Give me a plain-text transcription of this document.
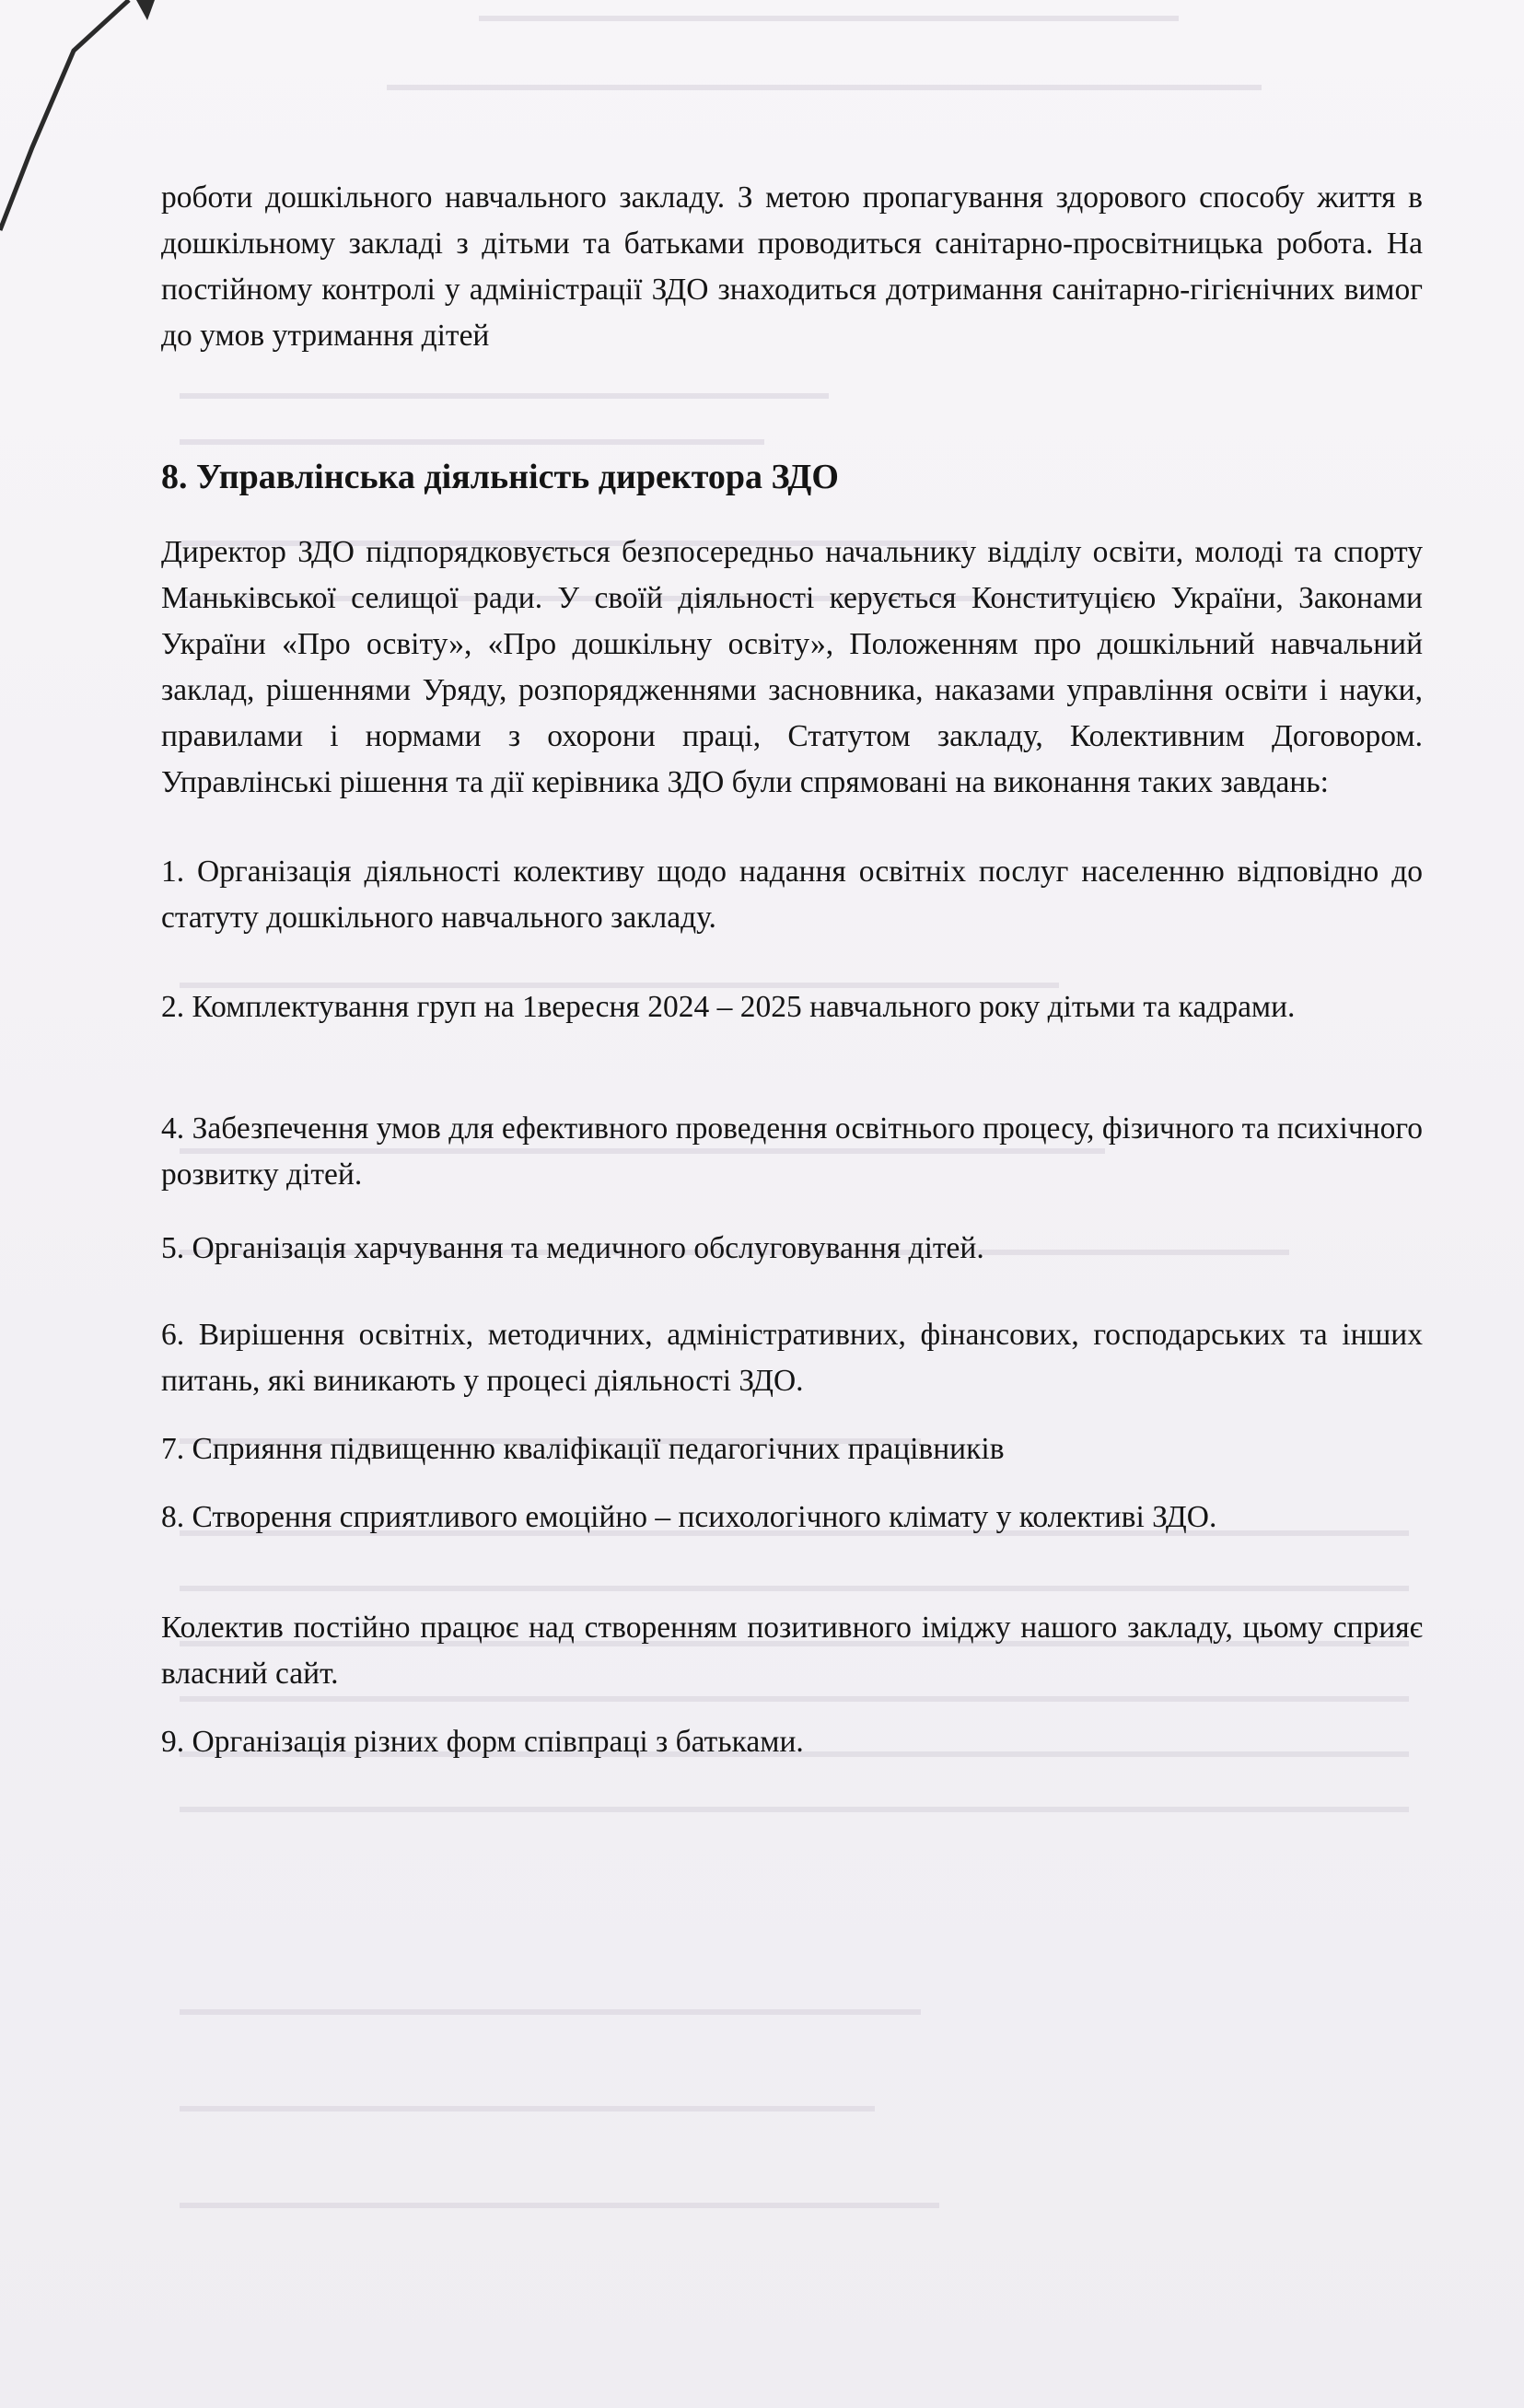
роботи дошкільного навчального закладу. З метою пропагування здорового способу життя в дошкільному закладі з дітьми та батьками проводиться санітарно-просвітницька робота. На постійному контролі у адміністрації ЗДО знаходиться дотримання санітарно-гігієнічних вимог до умов утримання дітей

8. Управлінська діяльність директора ЗДО

Директор ЗДО підпорядковується безпосередньо начальнику відділу освіти, молоді та спорту Маньківської селищої ради. У своїй діяльності керується Конституцією України, Законами України «Про освіту», «Про дошкільну освіту», Положенням про дошкільний навчальний заклад, рішеннями Уряду, розпорядженнями засновника, наказами управління освіти і науки, правилами і нормами з охорони праці, Статутом закладу, Колективним Договором. Управлінські рішення та дії керівника ЗДО були спрямовані на виконання таких завдань:

1. Організація діяльності колективу щодо надання освітніх послуг населенню відповідно до статуту дошкільного навчального закладу.

2. Комплектування груп на 1вересня 2024 – 2025 навчального року дітьми та кадрами.

4. Забезпечення умов для ефективного проведення освітнього процесу, фізичного та психічного розвитку дітей.

5. Організація харчування та медичного обслуговування дітей.

6. Вирішення освітніх, методичних, адміністративних, фінансових, господарських та інших питань, які виникають у процесі діяльності ЗДО.

7. Сприяння підвищенню кваліфікації педагогічних працівників

8. Створення сприятливого емоційно – психологічного клімату у колективі ЗДО.

Колектив постійно працює над створенням позитивного іміджу нашого закладу, цьому сприяє власний сайт.

9. Організація різних форм співпраці з батьками.
